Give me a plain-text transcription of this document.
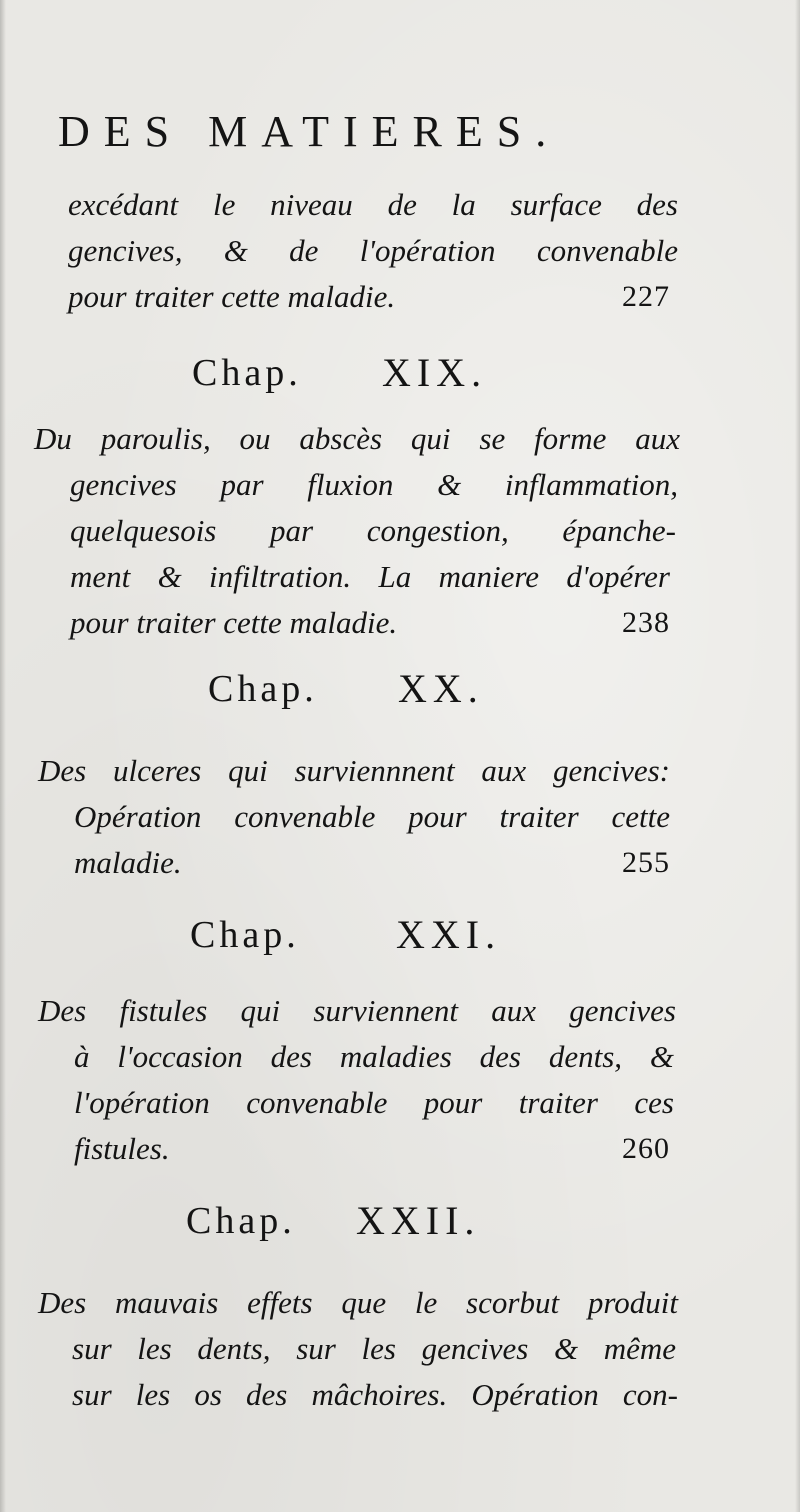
DES MATIERES.
excédant le niveau de la surface des
gencives, & de l'opération convenable
pour traiter cette maladie.	227
Chap. XIX.
Du paroulis, ou abscès qui se forme aux
gencives par fluxion & inflammation,
quelquesois par congestion, épanche-
ment & infiltration. La maniere d'opérer
pour traiter cette maladie.	238
Chap. XX.
Des ulceres qui surviennnent aux gencives:
Opération convenable pour traiter cette
maladie.	255
Chap. XXI.
Des fistules qui surviennent aux gencives
à l'occasion des maladies des dents, &
l'opération convenable pour traiter ces
fistules.	260
Chap. XXII.
Des mauvais effets que le scorbut produit
sur les dents, sur les gencives & même
sur les os des mâchoires. Opération con-
